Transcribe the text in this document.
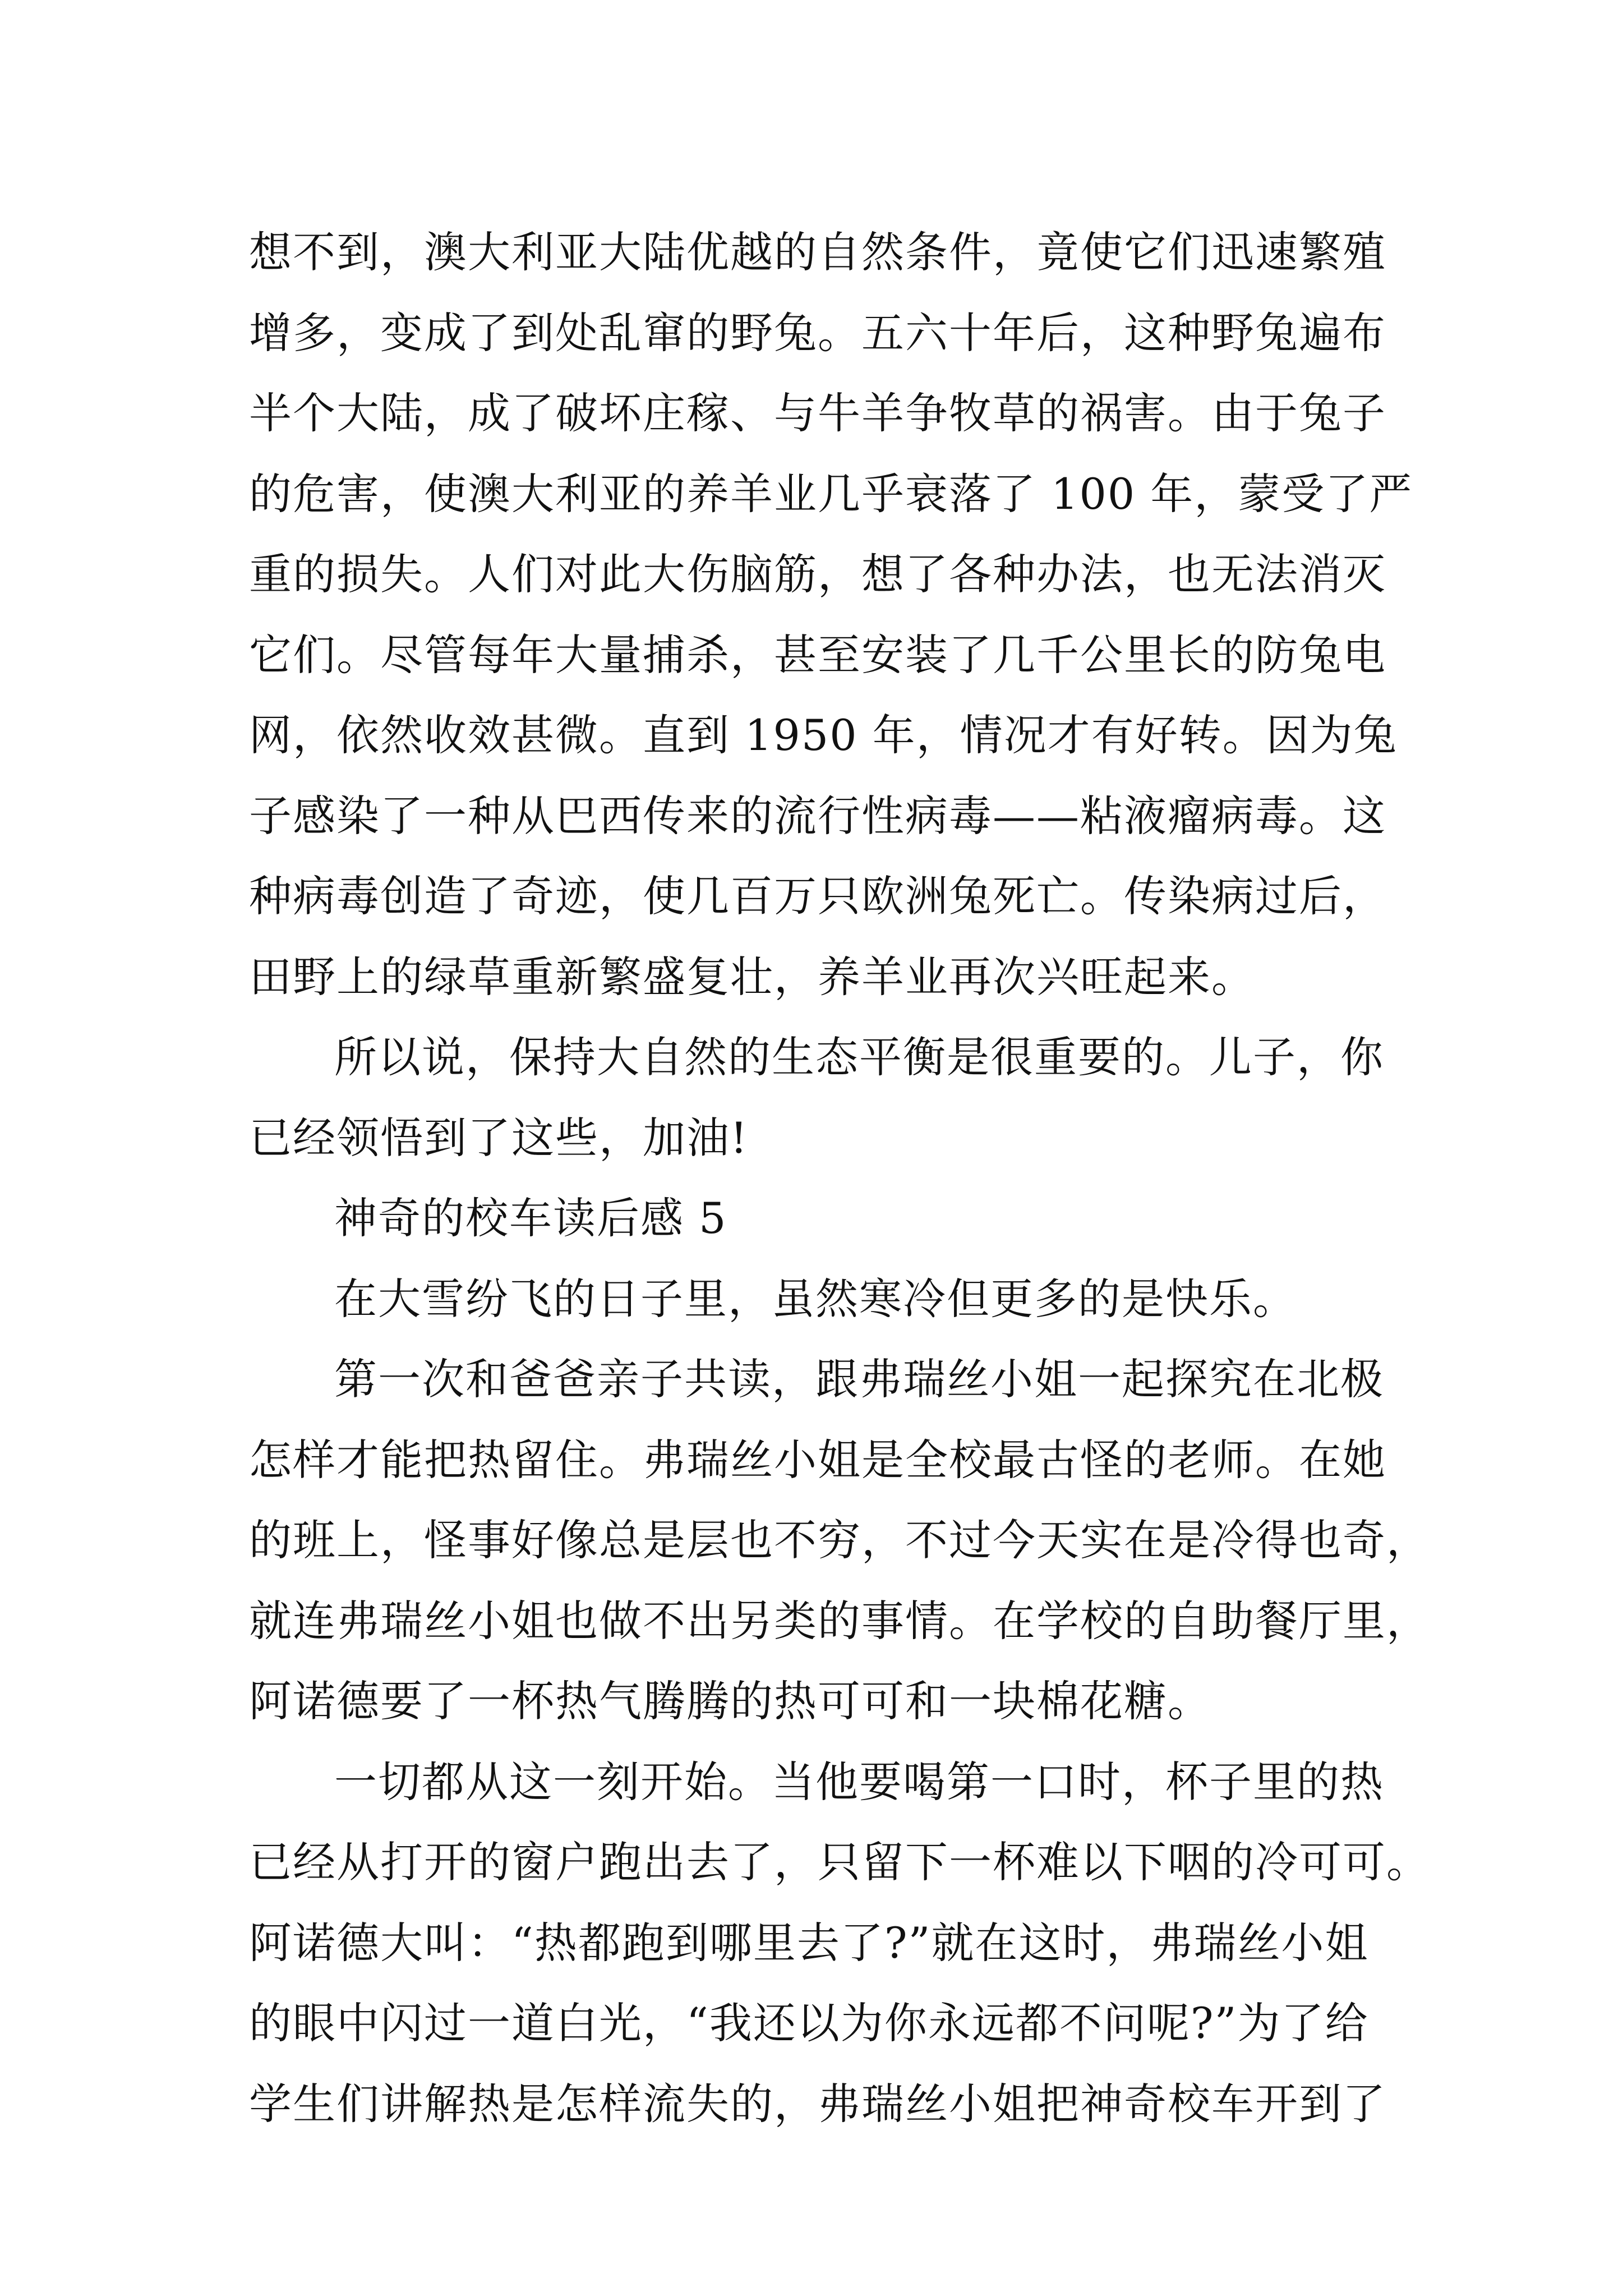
想不到，澳大利亚大陆优越的自然条件，竟使它们迅速繁殖
增多，变成了到处乱窜的野兔。五六十年后，这种野兔遍布
半个大陆，成了破坏庄稼、与牛羊争牧草的祸害。由于兔子
的危害，使澳大利亚的养羊业几乎衰落了 100 年，蒙受了严
重的损失。人们对此大伤脑筋，想了各种办法，也无法消灭
它们。尽管每年大量捕杀，甚至安装了几千公里长的防兔电
网，依然收效甚微。直到 1950 年，情况才有好转。因为兔
子感染了一种从巴西传来的流行性病毒——粘液瘤病毒。这
种病毒创造了奇迹，使几百万只欧洲兔死亡。传染病过后，
田野上的绿草重新繁盛复壮，养羊业再次兴旺起来。
所以说，保持大自然的生态平衡是很重要的。儿子，你
已经领悟到了这些，加油!
神奇的校车读后感 5
在大雪纷飞的日子里，虽然寒冷但更多的是快乐。
第一次和爸爸亲子共读，跟弗瑞丝小姐一起探究在北极
怎样才能把热留住。弗瑞丝小姐是全校最古怪的老师。在她
的班上，怪事好像总是层也不穷，不过今天实在是冷得也奇，
就连弗瑞丝小姐也做不出另类的事情。在学校的自助餐厅里，
阿诺德要了一杯热气腾腾的热可可和一块棉花糖。
一切都从这一刻开始。当他要喝第一口时，杯子里的热
已经从打开的窗户跑出去了，只留下一杯难以下咽的冷可可。
阿诺德大叫：“热都跑到哪里去了?”就在这时，弗瑞丝小姐
的眼中闪过一道白光，“我还以为你永远都不问呢?”为了给
学生们讲解热是怎样流失的，弗瑞丝小姐把神奇校车开到了
